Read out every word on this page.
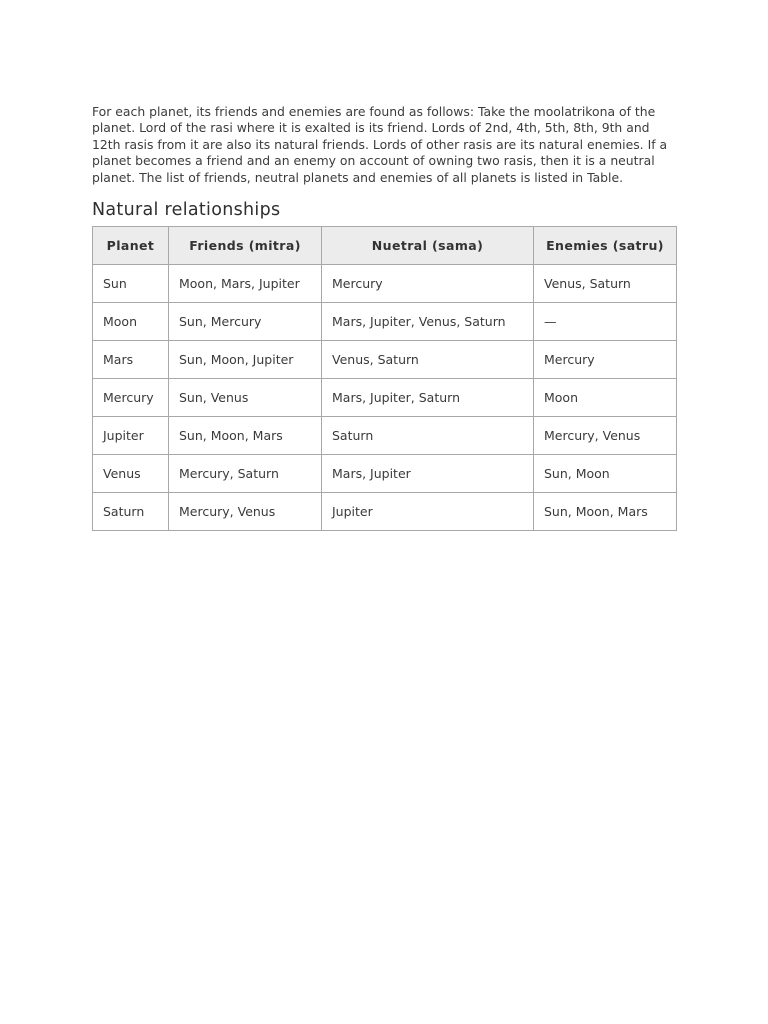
For each planet, its friends and enemies are found as follows: Take the moolatrikona of the planet. Lord of the rasi where it is exalted is its friend. Lords of 2nd, 4th, 5th, 8th, 9th and 12th rasis from it are also its natural friends. Lords of other rasis are its natural enemies. If a planet becomes a friend and an enemy on account of owning two rasis, then it is a neutral planet. The list of friends, neutral planets and enemies of all planets is listed in Table.

Natural relationships
Planet	Friends (mitra)	Nuetral (sama)	Enemies (satru)
Sun	Moon, Mars, Jupiter	Mercury	Venus, Saturn
Moon	Sun, Mercury	Mars, Jupiter, Venus, Saturn	—
Mars	Sun, Moon, Jupiter	Venus, Saturn	Mercury
Mercury	Sun, Venus	Mars, Jupiter, Saturn	Moon
Jupiter	Sun, Moon, Mars	Saturn	Mercury, Venus
Venus	Mercury, Saturn	Mars, Jupiter	Sun, Moon
Saturn	Mercury, Venus	Jupiter	Sun, Moon, Mars
